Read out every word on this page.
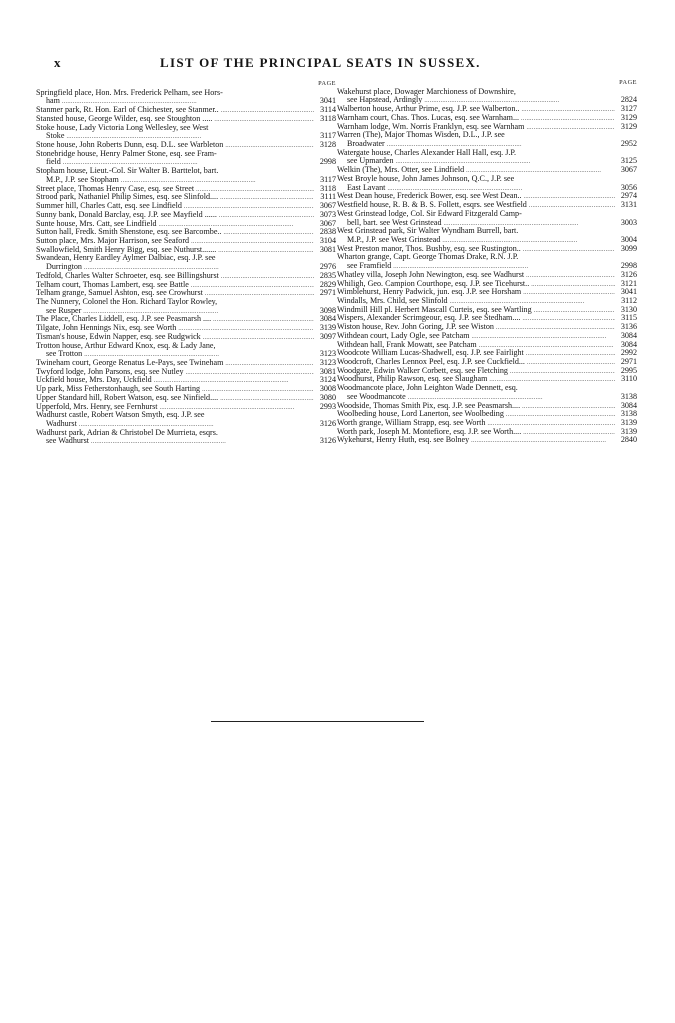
x	LIST OF THE PRINCIPAL SEATS IN SUSSEX.
PAGE
Springfield place, Hon. Mrs. Frederick Pelham, see Hors-
ham . . .	3041
Stanmer park, Rt. Hon. Earl of Chichester, see Stanmer.. . . .	3114
Stansted house, George Wilder, esq. see Stoughton ..... . . .	3118
Stoke house, Lady Victoria Long Wellesley, see West
Stoke . . .	3117
Stone house, John Roberts Dunn, esq. D.L. see Warbleton . . .	3128
Stonebridge house, Henry Palmer Stone, esq. see Fram-
field . . .	2998
Stopham house, Lieut.-Col. Sir Walter B. Barttelot, bart.
M.P., J.P. see Stopham . . .	3117
Street place, Thomas Henry Case, esq. see Street . . .	3118
Strood park, Nathaniel Philip Simes, esq. see Slinfold.... . . .	3111
Summer hill, Charles Catt, esq. see Lindfield . . .	3067
Sunny bank, Donald Barclay, esq. J.P. see Mayfield ...... . . .	3073
Sunte house, Mrs. Catt, see Lindfield . . .	3067
Sutton hall, Fredk. Smith Shenstone, esq. see Barcombe.. . . .	2838
Sutton place, Mrs. Major Harrison, see Seaford . . .	3104
Swallowfield, Smith Henry Bigg, esq. see Nuthurst....... . . .	3081
Swandean, Henry Eardley Aylmer Dalbiac, esq. J.P. see
Durrington . . .	2976
Tedfold, Charles Walter Schroeter, esq. see Billingshurst . . .	2835
Telham court, Thomas Lambert, esq. see Battle . . .	2829
Telham grange, Samuel Ashton, esq. see Crowhurst . . .	2971
The Nunnery, Colonel the Hon. Richard Taylor Rowley,
see Rusper . . .	3098
The Place, Charles Liddell, esq. J.P. see Peasmarsh .... . . .	3084
Tilgate, John Hennings Nix, esq. see Worth . . .	3139
Tisman's house, Edwin Napper, esq. see Rudgwick . . .	3097
Trotton house, Arthur Edward Knox, esq. & Lady Jane,
see Trotton . . .	3123
Twineham court, George Renatus Le-Pays, see Twineham . . .	3123
Twyford lodge, John Parsons, esq. see Nutley . . .	3081
Uckfield house, Mrs. Day, Uckfield . . .	3124
Up park, Miss Fetherstonhaugh, see South Harting . . .	3008
Upper Standard hill, Robert Watson, esq. see Ninfield.... . . .	3080
Upperfold, Mrs. Henry, see Fernhurst . . .	2993
Wadhurst castle, Robert Watson Smyth, esq. J.P. see
Wadhurst . . .	3126
Wadhurst park, Adrian & Christobel De Murrieta, esqrs.
see Wadhurst . . .	3126
PAGE
Wakehurst place, Dowager Marchioness of Downshire,
see Hapstead, Ardingly . . .	2824
Walberton house, Arthur Prime, esq. J.P. see Walberton.. . . .	3127
Warnham court, Chas. Thos. Lucas, esq. see Warnham... . . .	3129
Warnham lodge, Wm. Norris Franklyn, esq. see Warnham . . .	3129
Warren (The), Major Thomas Wisden, D.L., J.P. see
Broadwater . . .	2952
Watergate house, Charles Alexander Hall Hall, esq. J.P.
see Upmarden . . .	3125
Welkin (The), Mrs. Otter, see Lindfield . . .	3067
West Broyle house, John James Johnson, Q.C., J.P. see
East Lavant . . .	3056
West Dean house, Frederick Bower, esq. see West Dean.. . . .	2974
Westfield house, R. B. & B. S. Follett, esqrs. see Westfield . . .	3131
West Grinstead lodge, Col. Sir Edward Fitzgerald Camp-
bell, bart. see West Grinstead . . .	3003
West Grinstead park, Sir Walter Wyndham Burrell, bart.
M.P., J.P. see West Grinstead . . .	3004
West Preston manor, Thos. Bushby, esq. see Rustington.. . . .	3099
Wharton grange, Capt. George Thomas Drake, R.N. J.P.
see Framfield . . .	2998
Whatley villa, Joseph John Newington, esq. see Wadhurst . . .	3126
Whiligh, Geo. Campion Courthope, esq. J.P. see Ticehurst.. . . .	3121
Wimblehurst, Henry Padwick, jun. esq. J.P. see Horsham . . .	3041
Windalls, Mrs. Child, see Slinfold . . .	3112
Windmill Hill pl. Herbert Mascall Curteis, esq. see Wartling . . .	3130
Wispers, Alexander Scrimgeour, esq. J.P. see Stedham.... . . .	3115
Wiston house, Rev. John Goring, J.P. see Wiston . . .	3136
Withdean court, Lady Ogle, see Patcham . . .	3084
Withdean hall, Frank Mowatt, see Patcham . . .	3084
Woodcote William Lucas-Shadwell, esq. J.P. see Fairlight . . .	2992
Woodcroft, Charles Lennox Peel, esq. J.P. see Cuckfield... . . .	2971
Woodgate, Edwin Walker Corbett, esq. see Fletching . . .	2995
Woodhurst, Philip Rawson, esq. see Slaugham . . .	3110
Woodmancote place, John Leighton Wade Dennett, esq.
see Woodmancote . . .	3138
Woodside, Thomas Smith Pix, esq. J.P. see Peasmarsh.... . . .	3084
Woolbeding house, Lord Lanerton, see Woolbeding . . .	3138
Worth grange, William Strapp, esq. see Worth . . .	3139
Worth park, Joseph M. Montefiore, esq. J.P. see Worth.... . . .	3139
Wykehurst, Henry Huth, esq. see Bolney . . .	2840
